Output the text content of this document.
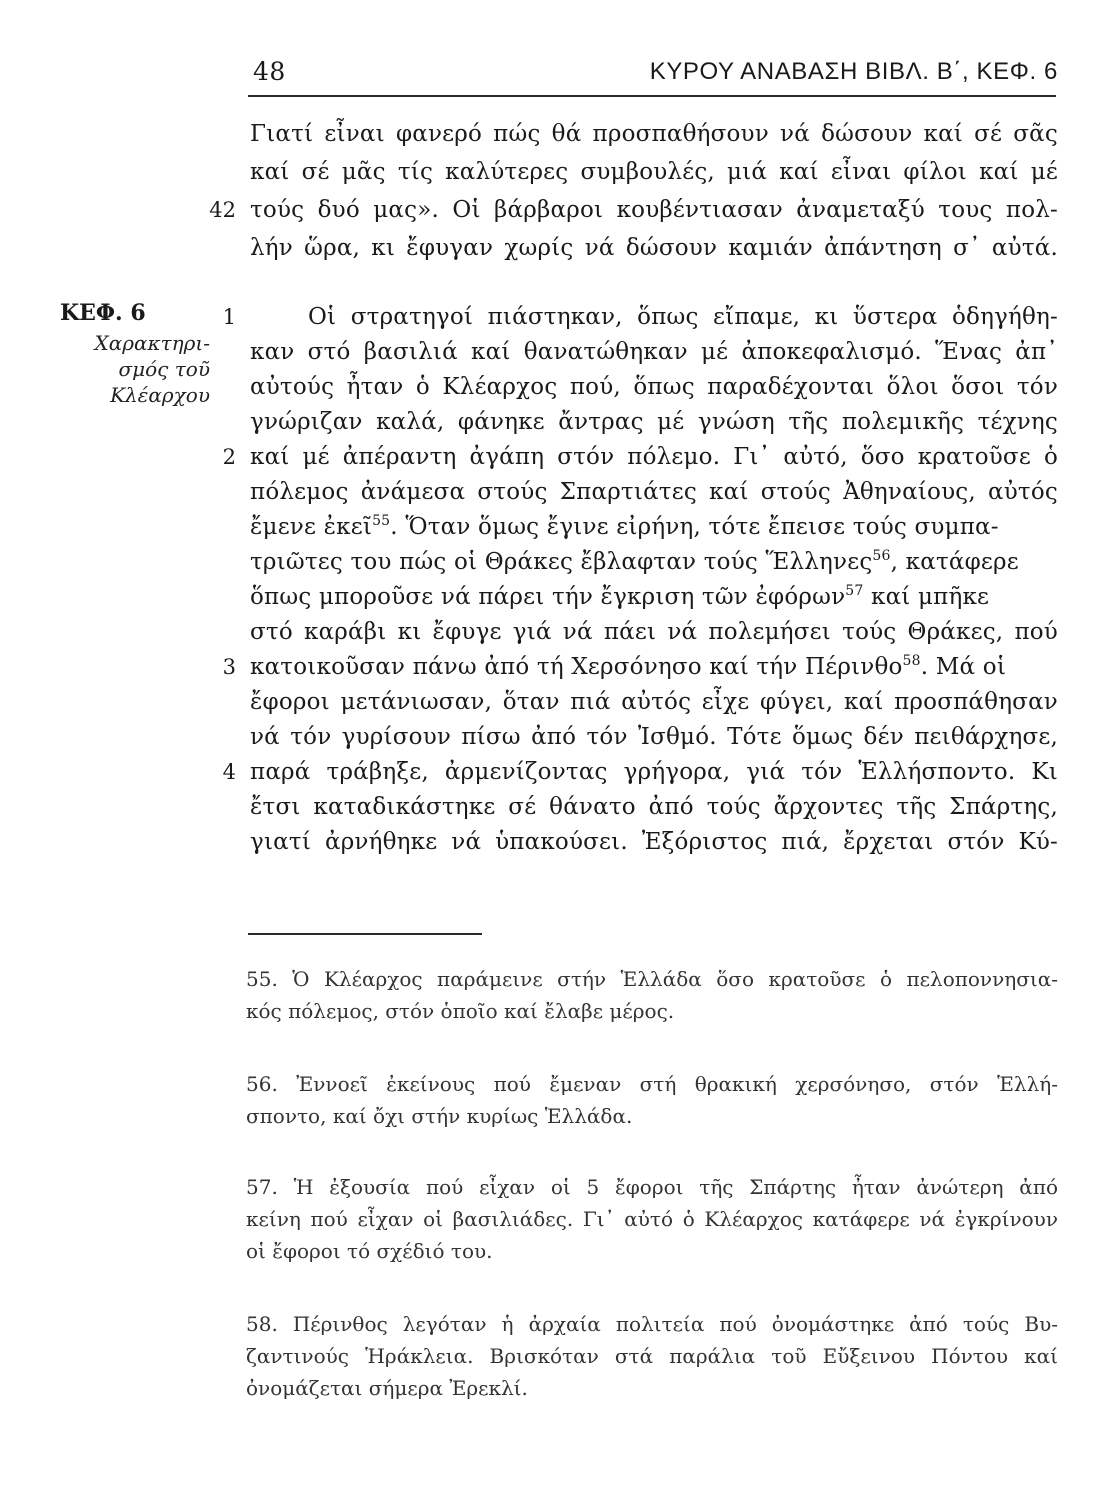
48	ΚΥΡΟΥ ΑΝΑΒΑΣΗ ΒΙΒΛ. Β΄, ΚΕΦ. 6
Γιατί εἶναι φανερό πώς θά προσπαθήσουν νά δώσουν καί σέ σᾶς
καί σέ μᾶς τίς καλύτερες συμβουλές, μιά καί εἶναι φίλοι καί μέ
42 τούς δυό μας». Οἱ βάρβαροι κουβέντιασαν ἀναμεταξύ τους πολ-
λήν ὥρα, κι ἔφυγαν χωρίς νά δώσουν καμιάν ἀπάντηση σ᾿ αὐτά.
ΚΕΦ. 6
Χαρακτηρι-
σμός τοῦ
Κλέαρχου
1	Οἱ στρατηγοί πιάστηκαν, ὅπως εἴπαμε, κι ὕστερα ὁδηγήθη-
καν στό βασιλιά καί θανατώθηκαν μέ ἀποκεφαλισμό. Ἕνας ἀπ᾿
αὐτούς ἦταν ὁ Κλέαρχος πού, ὅπως παραδέχονται ὅλοι ὅσοι τόν
γνώριζαν καλά, φάνηκε ἄντρας μέ γνώση τῆς πολεμικῆς τέχνης
2 καί μέ ἀπέραντη ἀγάπη στόν πόλεμο. Γι᾿ αὐτό, ὅσο κρατοῦσε ὁ
πόλεμος ἀνάμεσα στούς Σπαρτιάτες καί στούς Ἀθηναίους, αὐτός
ἔμενε ἐκεῖ$^{55}$. Ὅταν ὅμως ἔγινε εἰρήνη, τότε ἔπεισε τούς συμπα-
τριῶτες του πώς οἱ Θράκες ἔβλαφταν τούς Ἕλληνες$^{56}$, κατάφερε
ὅπως μποροῦσε νά πάρει τήν ἔγκριση τῶν ἐφόρων$^{57}$ καί μπῆκε
στό καράβι κι ἔφυγε γιά νά πάει νά πολεμήσει τούς Θράκες, πού
3 κατοικοῦσαν πάνω ἀπό τή Χερσόνησο καί τήν Πέρινθο$^{58}$. Μά οἱ
ἔφοροι μετάνιωσαν, ὅταν πιά αὐτός εἶχε φύγει, καί προσπάθησαν
νά τόν γυρίσουν πίσω ἀπό τόν Ἰσθμό. Τότε ὅμως δέν πειθάρχησε,
4 παρά τράβηξε, ἀρμενίζοντας γρήγορα, γιά τόν Ἑλλήσποντο. Κι
ἔτσι καταδικάστηκε σέ θάνατο ἀπό τούς ἄρχοντες τῆς Σπάρτης,
γιατί ἀρνήθηκε νά ὑπακούσει. Ἐξόριστος πιά, ἔρχεται στόν Κύ-
55. Ὁ Κλέαρχος παράμεινε στήν Ἑλλάδα ὅσο κρατοῦσε ὁ πελοποννησια-
κός πόλεμος, στόν ὁποῖο καί ἔλαβε μέρος.
56. Ἐννοεῖ ἐκείνους πού ἔμεναν στή θρακική χερσόνησο, στόν Ἑλλή-
σποντο, καί ὄχι στήν κυρίως Ἑλλάδα.
57. Ἡ ἐξουσία πού εἶχαν οἱ 5 ἔφοροι τῆς Σπάρτης ἦταν ἀνώτερη ἀπό
κείνη πού εἶχαν οἱ βασιλιάδες. Γι᾿ αὐτό ὁ Κλέαρχος κατάφερε νά ἐγκρίνουν
οἱ ἔφοροι τό σχέδιό του.
58. Πέρινθος λεγόταν ἡ ἀρχαία πολιτεία πού ὀνομάστηκε ἀπό τούς Βυ-
ζαντινούς Ἡράκλεια. Βρισκόταν στά παράλια τοῦ Εὔξεινου Πόντου καί
ὀνομάζεται σήμερα Ἐρεκλί.
